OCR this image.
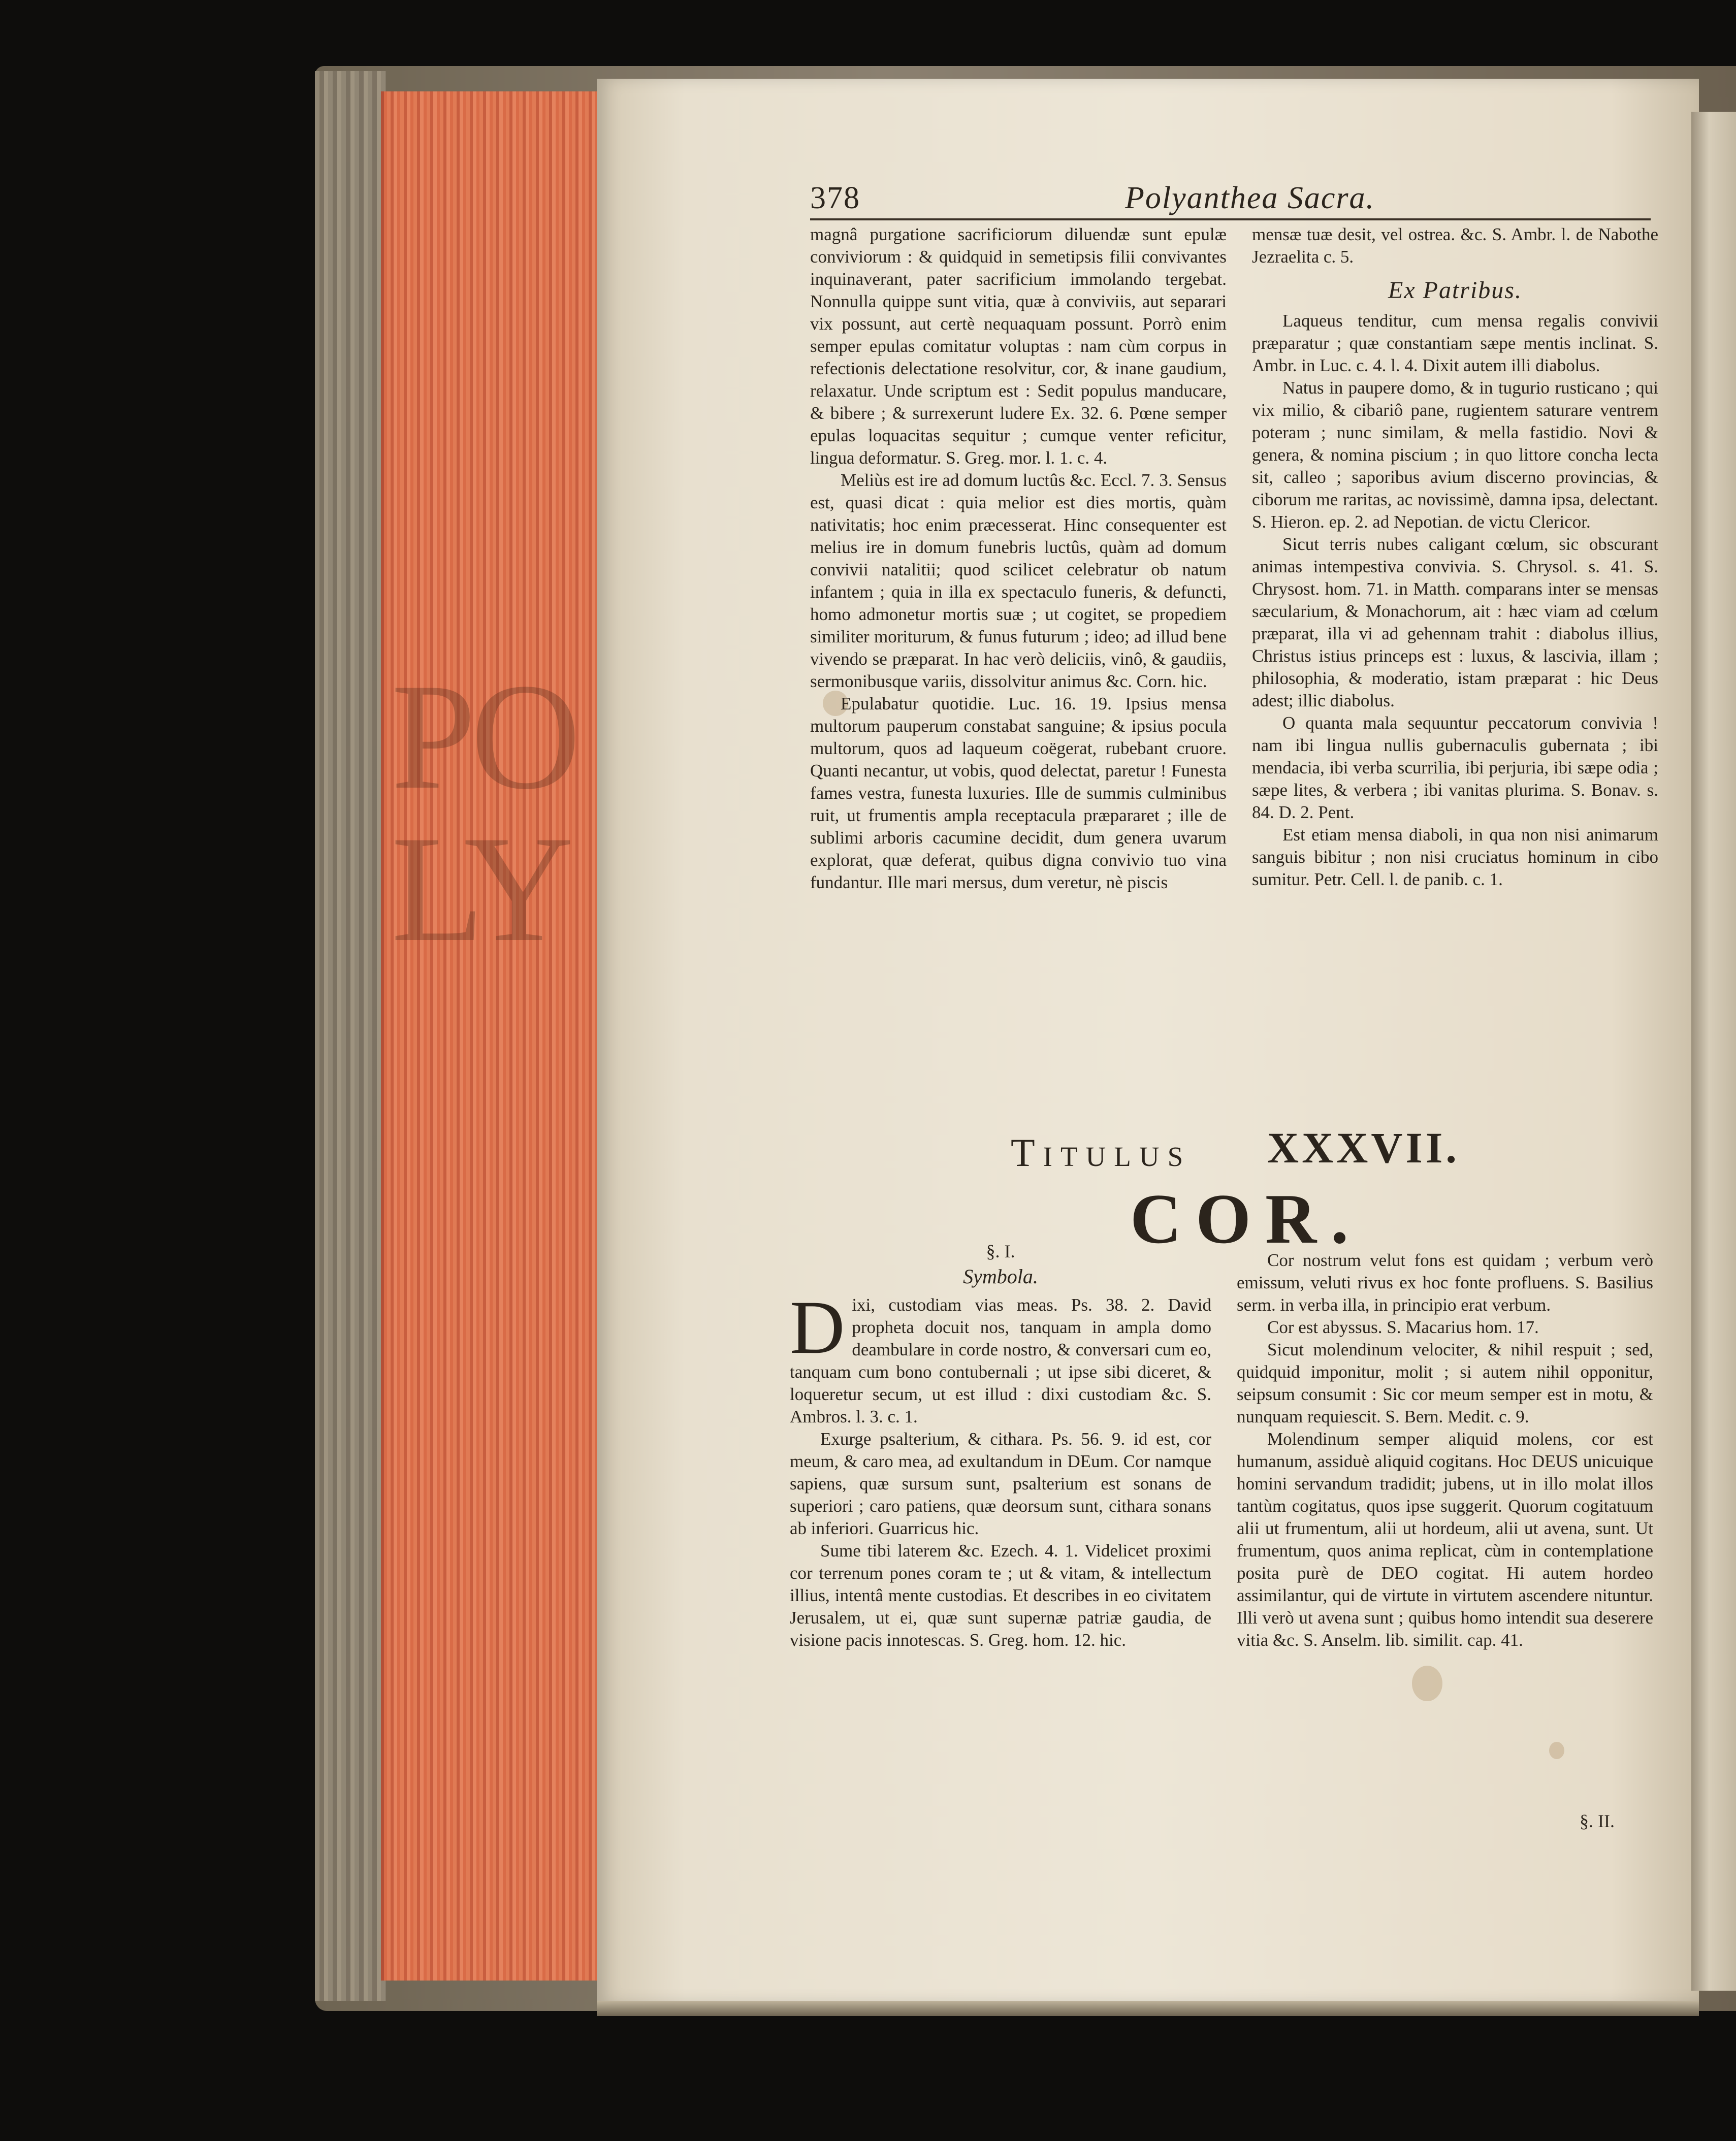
PO
LY
378	Polyanthea Sacra.

magnâ purgatione sacrificiorum diluendæ sunt epulæ conviviorum : & quidquid in semetipsis filii convivantes inquinaverant, pater sacrificium immolando tergebat. Nonnulla quippe sunt vitia, quæ à conviviis, aut separari vix possunt, aut certè nequaquam possunt. Porrò enim semper epulas comitatur voluptas : nam cùm corpus in refectionis delectatione resolvitur, cor, & inane gaudium, relaxatur. Unde scriptum est : Sedit populus manducare, & bibere ; & surrexerunt ludere Ex. 32. 6. Pœne semper epulas loquacitas sequitur ; cumque venter reficitur, lingua deformatur. S. Greg. mor. l. 1. c. 4.

Meliùs est ire ad domum luctûs &c. Eccl. 7. 3. Sensus est, quasi dicat : quia melior est dies mortis, quàm nativitatis; hoc enim præcesserat. Hinc consequenter est melius ire in domum funebris luctûs, quàm ad domum convivii natalitii; quod scilicet celebratur ob natum infantem ; quia in illa ex spectaculo funeris, & defuncti, homo admonetur mortis suæ ; ut cogitet, se propediem similiter moriturum, & funus futurum ; ideo; ad illud bene vivendo se præparat. In hac verò deliciis, vinô, & gaudiis, sermonibusque variis, dissolvitur animus &c. Corn. hic.

Epulabatur quotidie. Luc. 16. 19. Ipsius mensa multorum pauperum constabat sanguine; & ipsius pocula multorum, quos ad laqueum coëgerat, rubebant cruore. Quanti necantur, ut vobis, quod delectat, paretur ! Funesta fames vestra, funesta luxuries. Ille de summis culminibus ruit, ut frumentis ampla receptacula præpararet ; ille de sublimi arboris cacumine decidit, dum genera uvarum explorat, quæ deferat, quibus digna convivio tuo vina fundantur. Ille mari mersus, dum veretur, nè piscis

mensæ tuæ desit, vel ostrea. &c. S. Ambr. l. de Nabothe Jezraelita c. 5.

Ex Patribus.

Laqueus tenditur, cum mensa regalis convivii præparatur ; quæ constantiam sæpe mentis inclinat. S. Ambr. in Luc. c. 4. l. 4. Dixit autem illi diabolus.

Natus in paupere domo, & in tugurio rusticano ; qui vix milio, & cibariô pane, rugientem saturare ventrem poteram ; nunc similam, & mella fastidio. Novi & genera, & nomina piscium ; in quo littore concha lecta sit, calleo ; saporibus avium discerno provincias, & ciborum me raritas, ac novissimè, damna ipsa, delectant. S. Hieron. ep. 2. ad Nepotian. de victu Clericor.

Sicut terris nubes caligant cœlum, sic obscurant animas intempestiva convivia. S. Chrysol. s. 41. S. Chrysost. hom. 71. in Matth. comparans inter se mensas sæcularium, & Monachorum, ait : hæc viam ad cœlum præparat, illa vi ad gehennam trahit : diabolus illius, Christus istius princeps est : luxus, & lascivia, illam ; philosophia, & moderatio, istam præparat : hic Deus adest; illic diabolus.

O quanta mala sequuntur peccatorum convivia ! nam ibi lingua nullis gubernaculis gubernata ; ibi mendacia, ibi verba scurrilia, ibi perjuria, ibi sæpe odia ; sæpe lites, & verbera ; ibi vanitas plurima. S. Bonav. s. 84. D. 2. Pent.

Est etiam mensa diaboli, in qua non nisi animarum sanguis bibitur ; non nisi cruciatus hominum in cibo sumitur. Petr. Cell. l. de panib. c. 1.

Titulus XXXVII.
COR.
§. I.
Symbola.

Dixi, custodiam vias meas. Ps. 38. 2. David propheta docuit nos, tanquam in ampla domo deambulare in corde nostro, & conversari cum eo, tanquam cum bono contubernali ; ut ipse sibi diceret, & loqueretur secum, ut est illud : dixi custodiam &c. S. Ambros. l. 3. c. 1.

Exurge psalterium, & cithara. Ps. 56. 9. id est, cor meum, & caro mea, ad exultandum in DEum. Cor namque sapiens, quæ sursum sunt, psalterium est sonans de superiori ; caro patiens, quæ deorsum sunt, cithara sonans ab inferiori. Guarricus hic.

Sume tibi laterem &c. Ezech. 4. 1. Videlicet proximi cor terrenum pones coram te ; ut & vitam, & intellectum illius, intentâ mente custodias. Et describes in eo civitatem Jerusalem, ut ei, quæ sunt supernæ patriæ gaudia, de visione pacis innotescas. S. Greg. hom. 12. hic.

Cor nostrum velut fons est quidam ; verbum verò emissum, veluti rivus ex hoc fonte profluens. S. Basilius serm. in verba illa, in principio erat verbum.

Cor est abyssus. S. Macarius hom. 17.

Sicut molendinum velociter, & nihil respuit ; sed, quidquid imponitur, molit ; si autem nihil opponitur, seipsum consumit : Sic cor meum semper est in motu, & nunquam requiescit. S. Bern. Medit. c. 9.

Molendinum semper aliquid molens, cor est humanum, assiduè aliquid cogitans. Hoc DEUS unicuique homini servandum tradidit; jubens, ut in illo molat illos tantùm cogitatus, quos ipse suggerit. Quorum cogitatuum alii ut frumentum, alii ut hordeum, alii ut avena, sunt. Ut frumentum, quos anima replicat, cùm in contemplatione posita purè de DEO cogitat. Hi autem hordeo assimilantur, qui de virtute in virtutem ascendere nituntur. Illi verò ut avena sunt ; quibus homo intendit sua deserere vitia &c. S. Anselm. lib. similit. cap. 41.

§. II.
